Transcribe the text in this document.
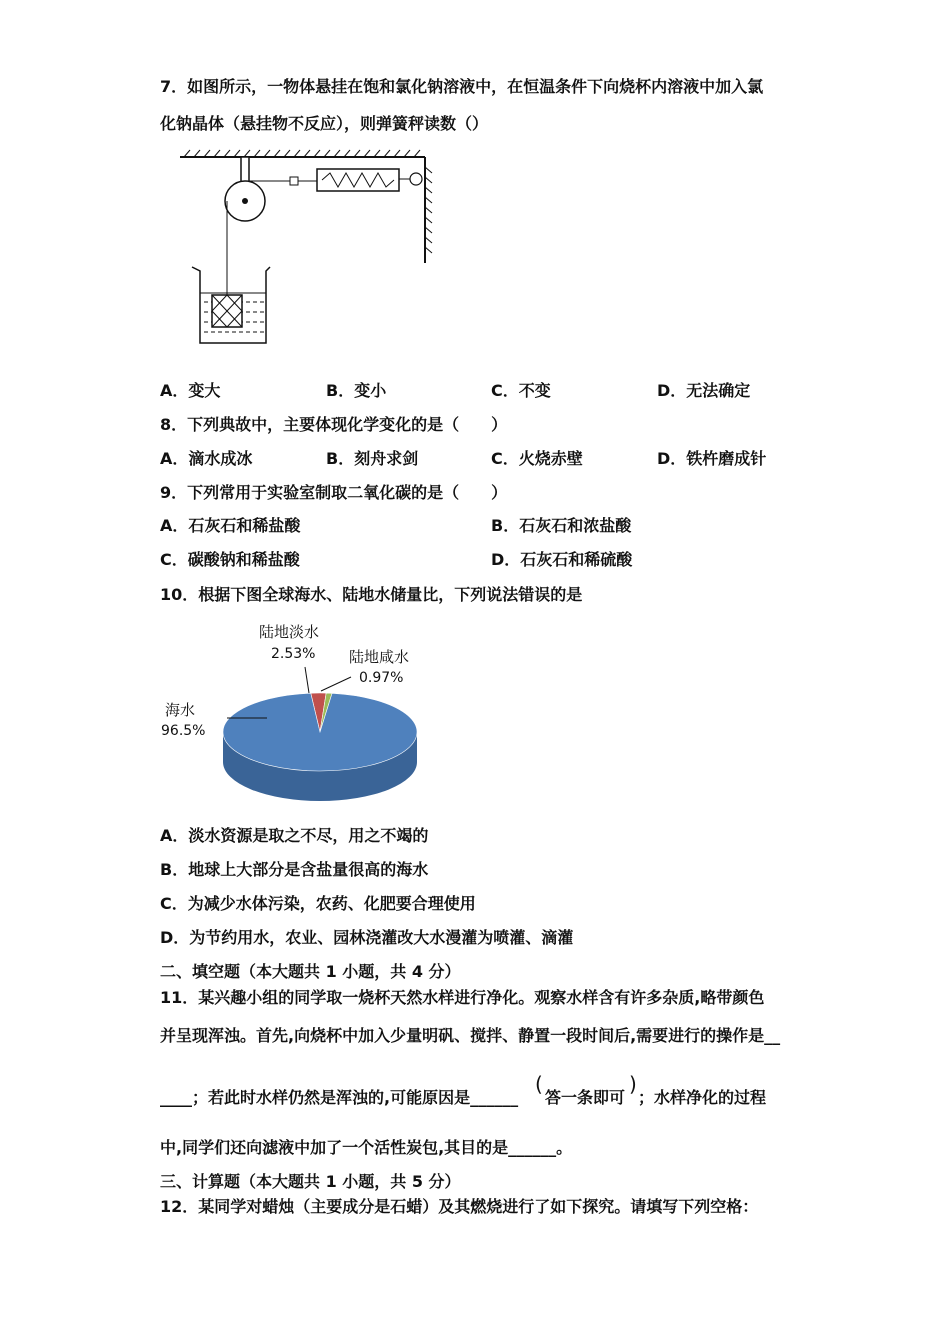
7．如图所示，一物体悬挂在饱和氯化钠溶液中，在恒温条件下向烧杯内溶液中加入氯
化钠晶体（悬挂物不反应），则弹簧秤读数（）
A．变大	B．变小	C．不变	D．无法确定
8．下列典故中，主要体现化学变化的是（　　）
A．滴水成冰	B．刻舟求剑	C．火烧赤壁	D．铁杵磨成针
9．下列常用于实验室制取二氧化碳的是（　　）
A．石灰石和稀盐酸	B．石灰石和浓盐酸
C．碳酸钠和稀盐酸	D．石灰石和稀硫酸
10．根据下图全球海水、陆地水储量比，下列说法错误的是
海水
96.5%
陆地淡水
2.53% 陆地咸水
0.97%
A．淡水资源是取之不尽，用之不竭的
B．地球上大部分是含盐量很高的海水
C．为减少水体污染，农药、化肥要合理使用
D．为节约用水，农业、园林浇灌改大水漫灌为喷灌、滴灌
二、填空题（本大题共 1 小题，共 4 分）
11．某兴趣小组的同学取一烧杯天然水样进行净化。观察水样含有许多杂质,略带颜色
并呈现浑浊。首先,向烧杯中加入少量明矾、搅拌、静置一段时间后,需要进行的操作是__
____；若此时水样仍然是浑浊的,可能原因是______
(
答一条即可
)
；水样净化的过程
中,同学们还向滤液中加了一个活性炭包,其目的是______。
三、计算题（本大题共 1 小题，共 5 分）
12．某同学对蜡烛（主要成分是石蜡）及其燃烧进行了如下探究。请填写下列空格：
